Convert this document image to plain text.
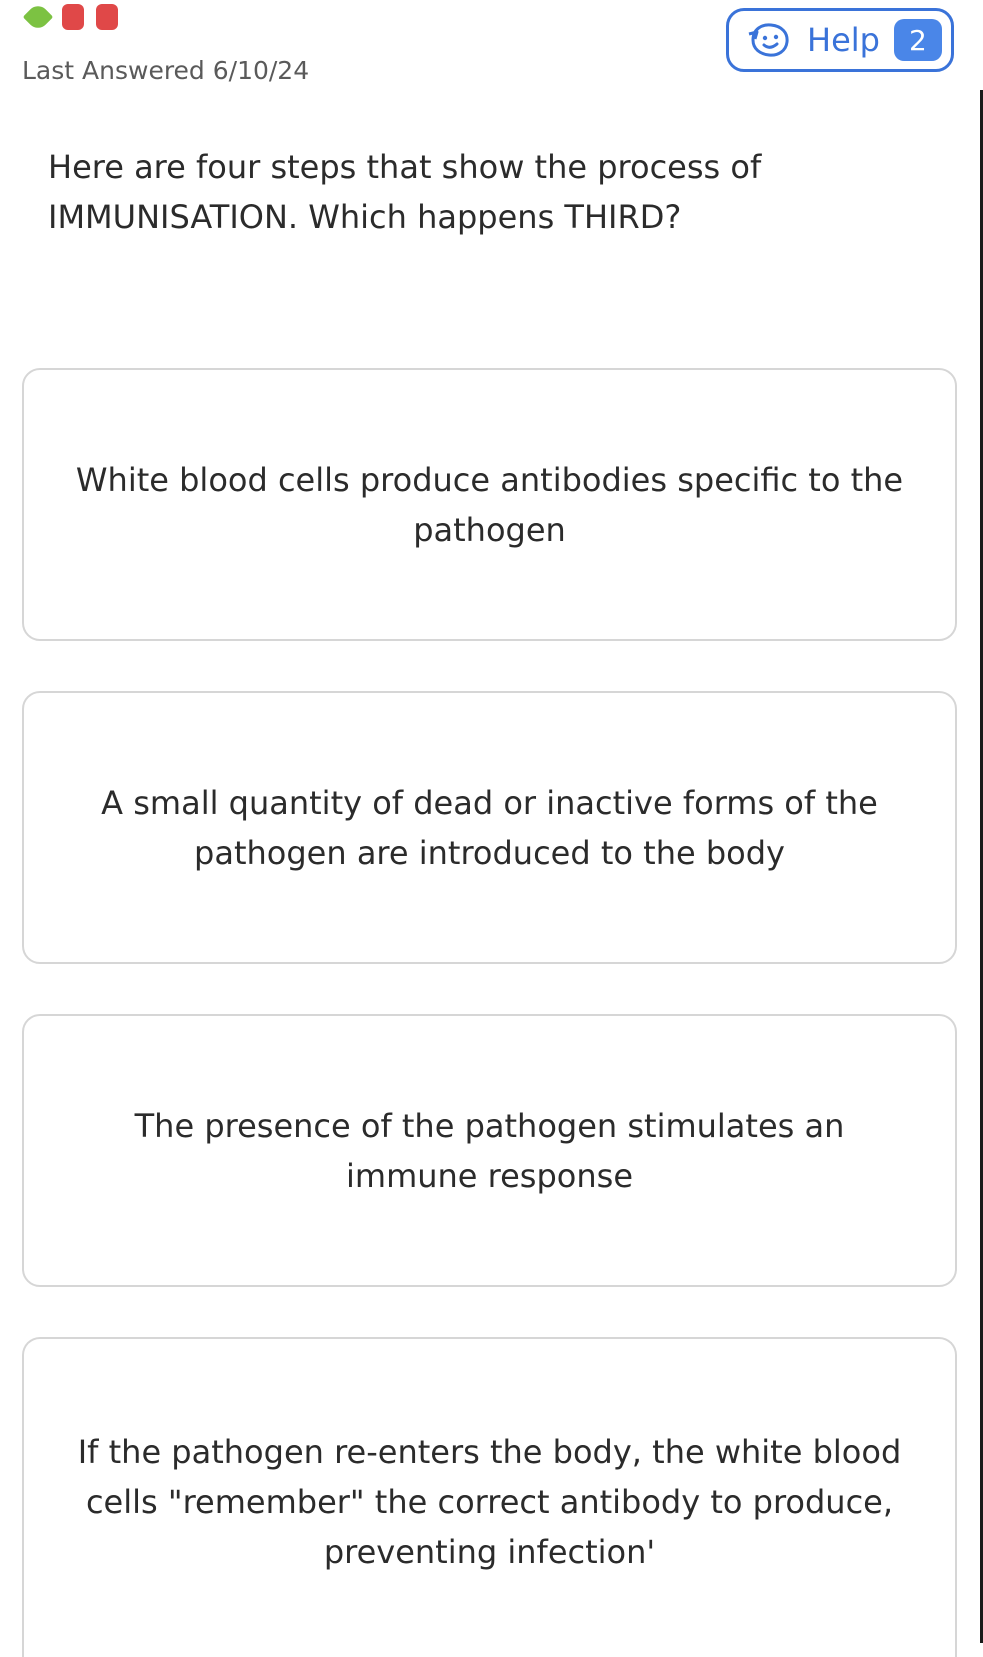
Last Answered 6/10/24
Help	2
Here are four steps that show the process of IMMUNISATION. Which happens THIRD?
White blood cells produce antibodies specific to the pathogen
A small quantity of dead or inactive forms of the pathogen are introduced to the body
The presence of the pathogen stimulates an immune response
If the pathogen re-enters the body, the white blood cells "remember" the correct antibody to produce, preventing infection'
